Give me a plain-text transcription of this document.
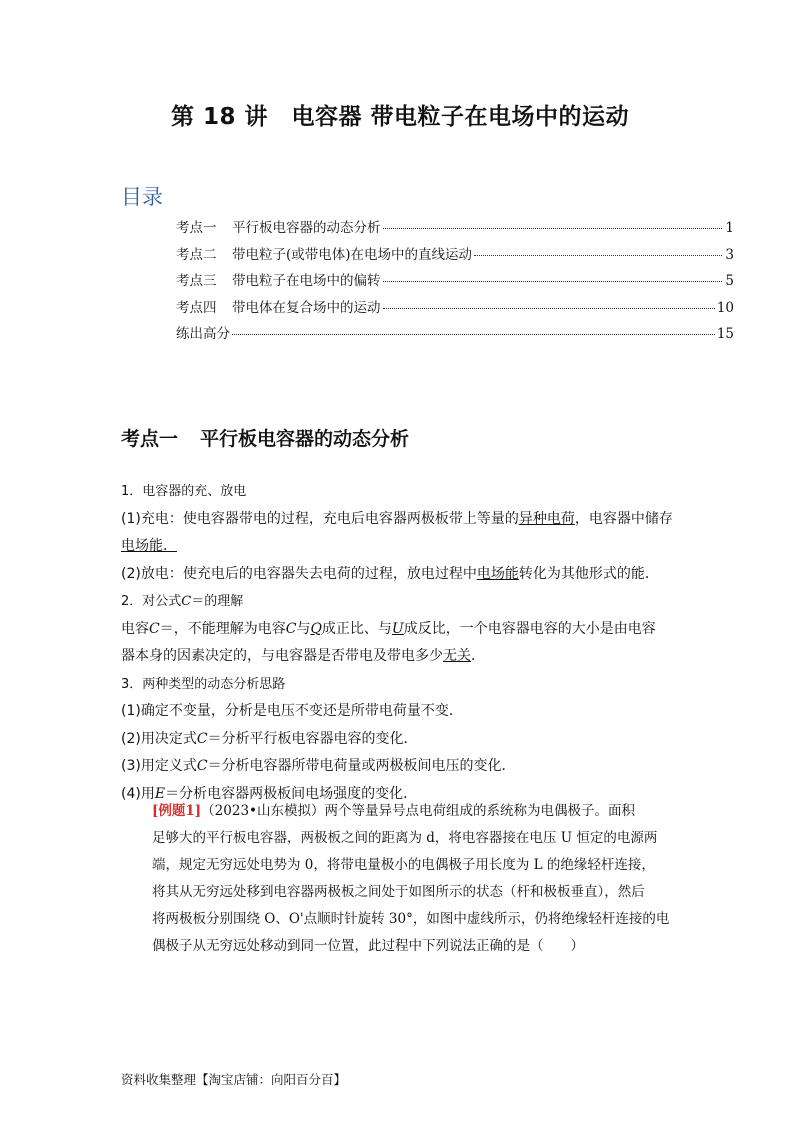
第 18 讲　电容器 带电粒子在电场中的运动
目录
考点一	平行板电容器的动态分析	1
考点二	带电粒子(或带电体)在电场中的直线运动	3
考点三	带电粒子在电场中的偏转	5
考点四	带电体在复合场中的运动	10
练出高分	15
考点一 平行板电容器的动态分析
1．电容器的充、放电
(1)充电：使电容器带电的过程，充电后电容器两极板带上等量的异种电荷，电容器中储存
电场能．
(2)放电：使充电后的电容器失去电荷的过程，放电过程中电场能转化为其他形式的能．
2．对公式C＝的理解
电容C＝，不能理解为电容C与Q成正比、与U成反比，一个电容器电容的大小是由电容
器本身的因素决定的，与电容器是否带电及带电多少无关．
3．两种类型的动态分析思路
(1)确定不变量，分析是电压不变还是所带电荷量不变．
(2)用决定式C＝分析平行板电容器电容的变化．
(3)用定义式C＝分析电容器所带电荷量或两极板间电压的变化．
(4)用E＝分析电容器两极板间电场强度的变化．
[例题1]（2023•山东模拟）两个等量异号点电荷组成的系统称为电偶极子。面积
足够大的平行板电容器，两极板之间的距离为 d，将电容器接在电压 U 恒定的电源两
端，规定无穷远处电势为 0，将带电量极小的电偶极子用长度为 L 的绝缘轻杆连接，
将其从无穷远处移到电容器两极板之间处于如图所示的状态（杆和极板垂直），然后
将两极板分别围绕 O、O'点顺时针旋转 30°，如图中虚线所示，仍将绝缘轻杆连接的电
偶极子从无穷远处移动到同一位置，此过程中下列说法正确的是（　　）
资料收集整理【淘宝店铺：向阳百分百】
